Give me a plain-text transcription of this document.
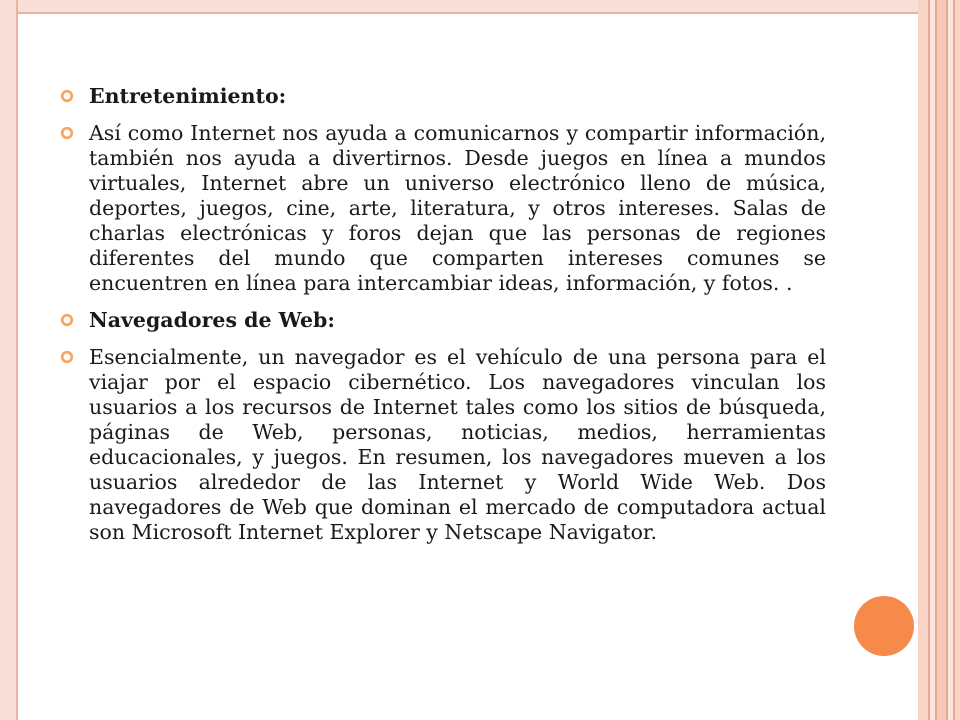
Entretenimiento:
Así como Internet nos ayuda a comunicarnos y compartir información, también nos ayuda a divertirnos. Desde juegos en línea a mundos virtuales, Internet abre un universo electrónico lleno de música, deportes, juegos, cine, arte, literatura, y otros intereses. Salas de charlas electrónicas y foros dejan que las personas de regiones diferentes del mundo que comparten intereses comunes se encuentren en línea para intercambiar ideas, información, y fotos. .
Navegadores de Web:
Esencialmente, un navegador es el vehículo de una persona para el viajar por el espacio cibernético. Los navegadores vinculan los usuarios a los recursos de Internet tales como los sitios de búsqueda, páginas de Web, personas, noticias, medios, herramientas educacionales, y juegos. En resumen, los navegadores mueven a los usuarios alrededor de las Internet y World Wide Web. Dos navegadores de Web que dominan el mercado de computadora actual son Microsoft Internet Explorer y Netscape Navigator.
